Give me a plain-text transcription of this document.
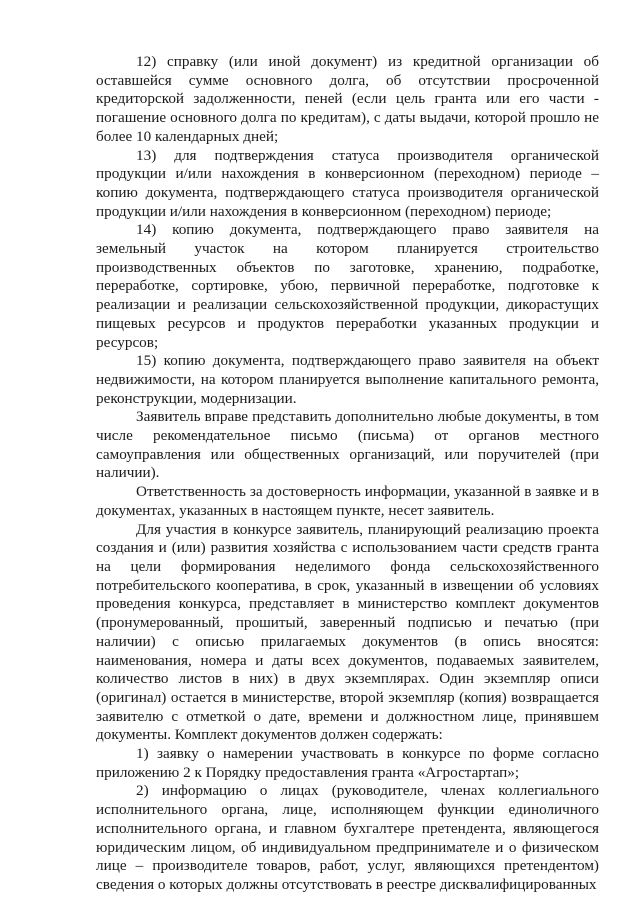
12) справку (или иной документ) из кредитной организации об оставшейся сумме основного долга, об отсутствии просроченной кредиторской задолженности, пеней (если цель гранта или его части - погашение основного долга по кредитам), с даты выдачи, которой прошло не более 10 календарных дней;

13) для подтверждения статуса производителя органической продукции и/или нахождения в конверсионном (переходном) периоде – копию документа, подтверждающего статуса производителя органической продукции и/или нахождения в конверсионном (переходном) периоде;

14) копию документа, подтверждающего право заявителя на земельный участок на котором планируется строительство производственных объектов по заготовке, хранению, подработке, переработке, сортировке, убою, первичной переработке, подготовке к реализации и реализации сельскохозяйственной продукции, дикорастущих пищевых ресурсов и продуктов переработки указанных продукции и ресурсов;

15) копию документа, подтверждающего право заявителя на объект недвижимости, на котором планируется выполнение капитального ремонта, реконструкции, модернизации.

Заявитель вправе представить дополнительно любые документы, в том числе рекомендательное письмо (письма) от органов местного самоуправления или общественных организаций, или поручителей (при наличии).

Ответственность за достоверность информации, указанной в заявке и в документах, указанных в настоящем пункте, несет заявитель.

Для участия в конкурсе заявитель, планирующий реализацию проекта создания и (или) развития хозяйства с использованием части средств гранта на цели формирования неделимого фонда сельскохозяйственного потребительского кооператива, в срок, указанный в извещении об условиях проведения конкурса, представляет в министерство комплект документов (пронумерованный, прошитый, заверенный подписью и печатью (при наличии) с описью прилагаемых документов (в опись вносятся: наименования, номера и даты всех документов, подаваемых заявителем, количество листов в них) в двух экземплярах. Один экземпляр описи (оригинал) остается в министерстве, второй экземпляр (копия) возвращается заявителю с отметкой о дате, времени и должностном лице, принявшем документы. Комплект документов должен содержать:

1) заявку о намерении участвовать в конкурсе по форме согласно приложению 2 к Порядку предоставления гранта «Агростартап»;

2) информацию о лицах (руководителе, членах коллегиального исполнительного органа, лице, исполняющем функции единоличного исполнительного органа, и главном бухгалтере претендента, являющегося юридическим лицом, об индивидуальном предпринимателе и о физическом лице – производителе товаров, работ, услуг, являющихся претендентом) сведения о которых должны отсутствовать в реестре дисквалифицированных
